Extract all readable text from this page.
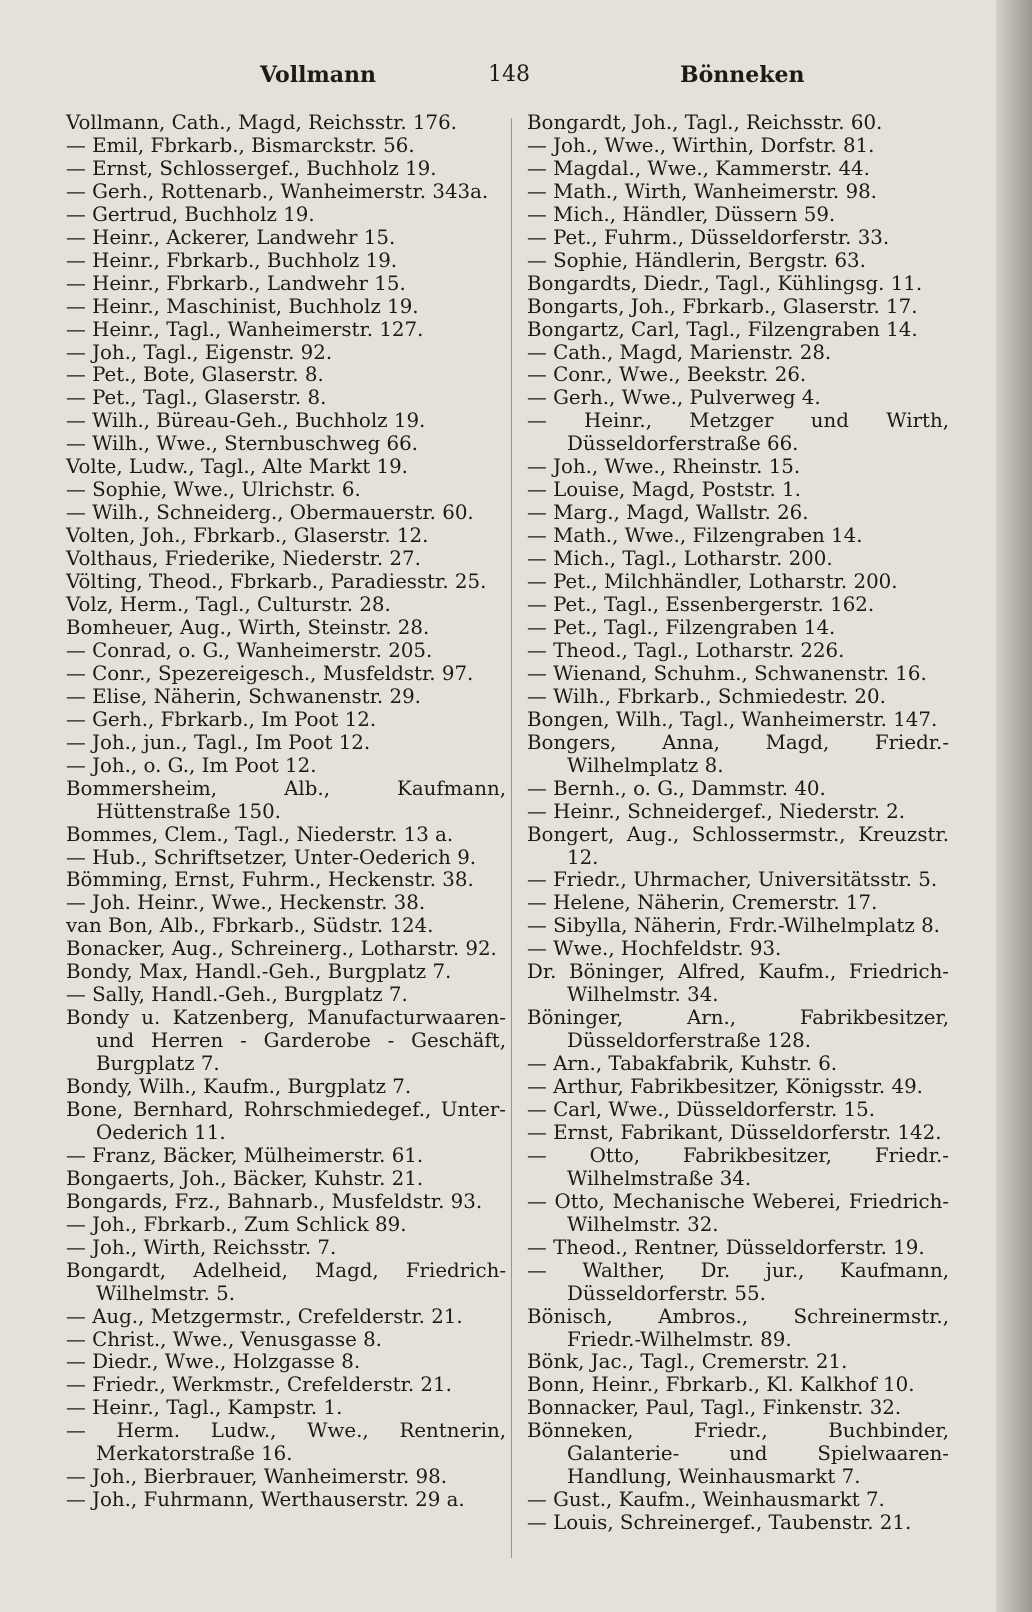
Vollmann	148	Bönneken

Vollmann, Cath., Magd, Reichsstr. 176.

— Emil, Fbrkarb., Bismarckstr. 56.

— Ernst, Schlossergef., Buchholz 19.

— Gerh., Rottenarb., Wanheimerstr. 343a.

— Gertrud, Buchholz 19.

— Heinr., Ackerer, Landwehr 15.

— Heinr., Fbrkarb., Buchholz 19.

— Heinr., Fbrkarb., Landwehr 15.

— Heinr., Maschinist, Buchholz 19.

— Heinr., Tagl., Wanheimerstr. 127.

— Joh., Tagl., Eigenstr. 92.

— Pet., Bote, Glaserstr. 8.

— Pet., Tagl., Glaserstr. 8.

— Wilh., Büreau-Geh., Buchholz 19.

— Wilh., Wwe., Sternbuschweg 66.

Volte, Ludw., Tagl., Alte Markt 19.

— Sophie, Wwe., Ulrichstr. 6.

— Wilh., Schneiderg., Obermauerstr. 60.

Volten, Joh., Fbrkarb., Glaserstr. 12.

Volthaus, Friederike, Niederstr. 27.

Völting, Theod., Fbrkarb., Paradiesstr. 25.

Volz, Herm., Tagl., Culturstr. 28.

Bomheuer, Aug., Wirth, Steinstr. 28.

— Conrad, o. G., Wanheimerstr. 205.

— Conr., Spezereigesch., Musfeldstr. 97.

— Elise, Näherin, Schwanenstr. 29.

— Gerh., Fbrkarb., Im Poot 12.

— Joh., jun., Tagl., Im Poot 12.

— Joh., o. G., Im Poot 12.

Bommersheim, Alb., Kaufmann, Hüttenstraße 150.

Bommes, Clem., Tagl., Niederstr. 13 a.

— Hub., Schriftsetzer, Unter-Oederich 9.

Bömming, Ernst, Fuhrm., Heckenstr. 38.

— Joh. Heinr., Wwe., Heckenstr. 38.

van Bon, Alb., Fbrkarb., Südstr. 124.

Bonacker, Aug., Schreinerg., Lotharstr. 92.

Bondy, Max, Handl.-Geh., Burgplatz 7.

— Sally, Handl.-Geh., Burgplatz 7.

Bondy u. Katzenberg, Manufacturwaaren- und Herren - Garderobe - Geschäft, Burgplatz 7.

Bondy, Wilh., Kaufm., Burgplatz 7.

Bone, Bernhard, Rohrschmiedegef., Unter-Oederich 11.

— Franz, Bäcker, Mülheimerstr. 61.

Bongaerts, Joh., Bäcker, Kuhstr. 21.

Bongards, Frz., Bahnarb., Musfeldstr. 93.

— Joh., Fbrkarb., Zum Schlick 89.

— Joh., Wirth, Reichsstr. 7.

Bongardt, Adelheid, Magd, Friedrich-Wilhelmstr. 5.

— Aug., Metzgermstr., Crefelderstr. 21.

— Christ., Wwe., Venusgasse 8.

— Diedr., Wwe., Holzgasse 8.

— Friedr., Werkmstr., Crefelderstr. 21.

— Heinr., Tagl., Kampstr. 1.

— Herm. Ludw., Wwe., Rentnerin, Merkatorstraße 16.

— Joh., Bierbrauer, Wanheimerstr. 98.

— Joh., Fuhrmann, Werthauserstr. 29 a.

Bongardt, Joh., Tagl., Reichsstr. 60.

— Joh., Wwe., Wirthin, Dorfstr. 81.

— Magdal., Wwe., Kammerstr. 44.

— Math., Wirth, Wanheimerstr. 98.

— Mich., Händler, Düssern 59.

— Pet., Fuhrm., Düsseldorferstr. 33.

— Sophie, Händlerin, Bergstr. 63.

Bongardts, Diedr., Tagl., Kühlingsg. 11.

Bongarts, Joh., Fbrkarb., Glaserstr. 17.

Bongartz, Carl, Tagl., Filzengraben 14.

— Cath., Magd, Marienstr. 28.

— Conr., Wwe., Beekstr. 26.

— Gerh., Wwe., Pulverweg 4.

— Heinr., Metzger und Wirth, Düsseldorferstraße 66.

— Joh., Wwe., Rheinstr. 15.

— Louise, Magd, Poststr. 1.

— Marg., Magd, Wallstr. 26.

— Math., Wwe., Filzengraben 14.

— Mich., Tagl., Lotharstr. 200.

— Pet., Milchhändler, Lotharstr. 200.

— Pet., Tagl., Essenbergerstr. 162.

— Pet., Tagl., Filzengraben 14.

— Theod., Tagl., Lotharstr. 226.

— Wienand, Schuhm., Schwanenstr. 16.

— Wilh., Fbrkarb., Schmiedestr. 20.

Bongen, Wilh., Tagl., Wanheimerstr. 147.

Bongers, Anna, Magd, Friedr.-Wilhelmplatz 8.

— Bernh., o. G., Dammstr. 40.

— Heinr., Schneidergef., Niederstr. 2.

Bongert, Aug., Schlossermstr., Kreuzstr. 12.

— Friedr., Uhrmacher, Universitätsstr. 5.

— Helene, Näherin, Cremerstr. 17.

— Sibylla, Näherin, Frdr.-Wilhelmplatz 8.

— Wwe., Hochfeldstr. 93.

Dr. Böninger, Alfred, Kaufm., Friedrich-Wilhelmstr. 34.

Böninger, Arn., Fabrikbesitzer, Düsseldorferstraße 128.

— Arn., Tabakfabrik, Kuhstr. 6.

— Arthur, Fabrikbesitzer, Königsstr. 49.

— Carl, Wwe., Düsseldorferstr. 15.

— Ernst, Fabrikant, Düsseldorferstr. 142.

— Otto, Fabrikbesitzer, Friedr.-Wilhelmstraße 34.

— Otto, Mechanische Weberei, Friedrich-Wilhelmstr. 32.

— Theod., Rentner, Düsseldorferstr. 19.

— Walther, Dr. jur., Kaufmann, Düsseldorferstr. 55.

Bönisch, Ambros., Schreinermstr., Friedr.-Wilhelmstr. 89.

Bönk, Jac., Tagl., Cremerstr. 21.

Bonn, Heinr., Fbrkarb., Kl. Kalkhof 10.

Bonnacker, Paul, Tagl., Finkenstr. 32.

Bönneken, Friedr., Buchbinder, Galanterie- und Spielwaaren-Handlung, Weinhausmarkt 7.

— Gust., Kaufm., Weinhausmarkt 7.

— Louis, Schreinergef., Taubenstr. 21.
